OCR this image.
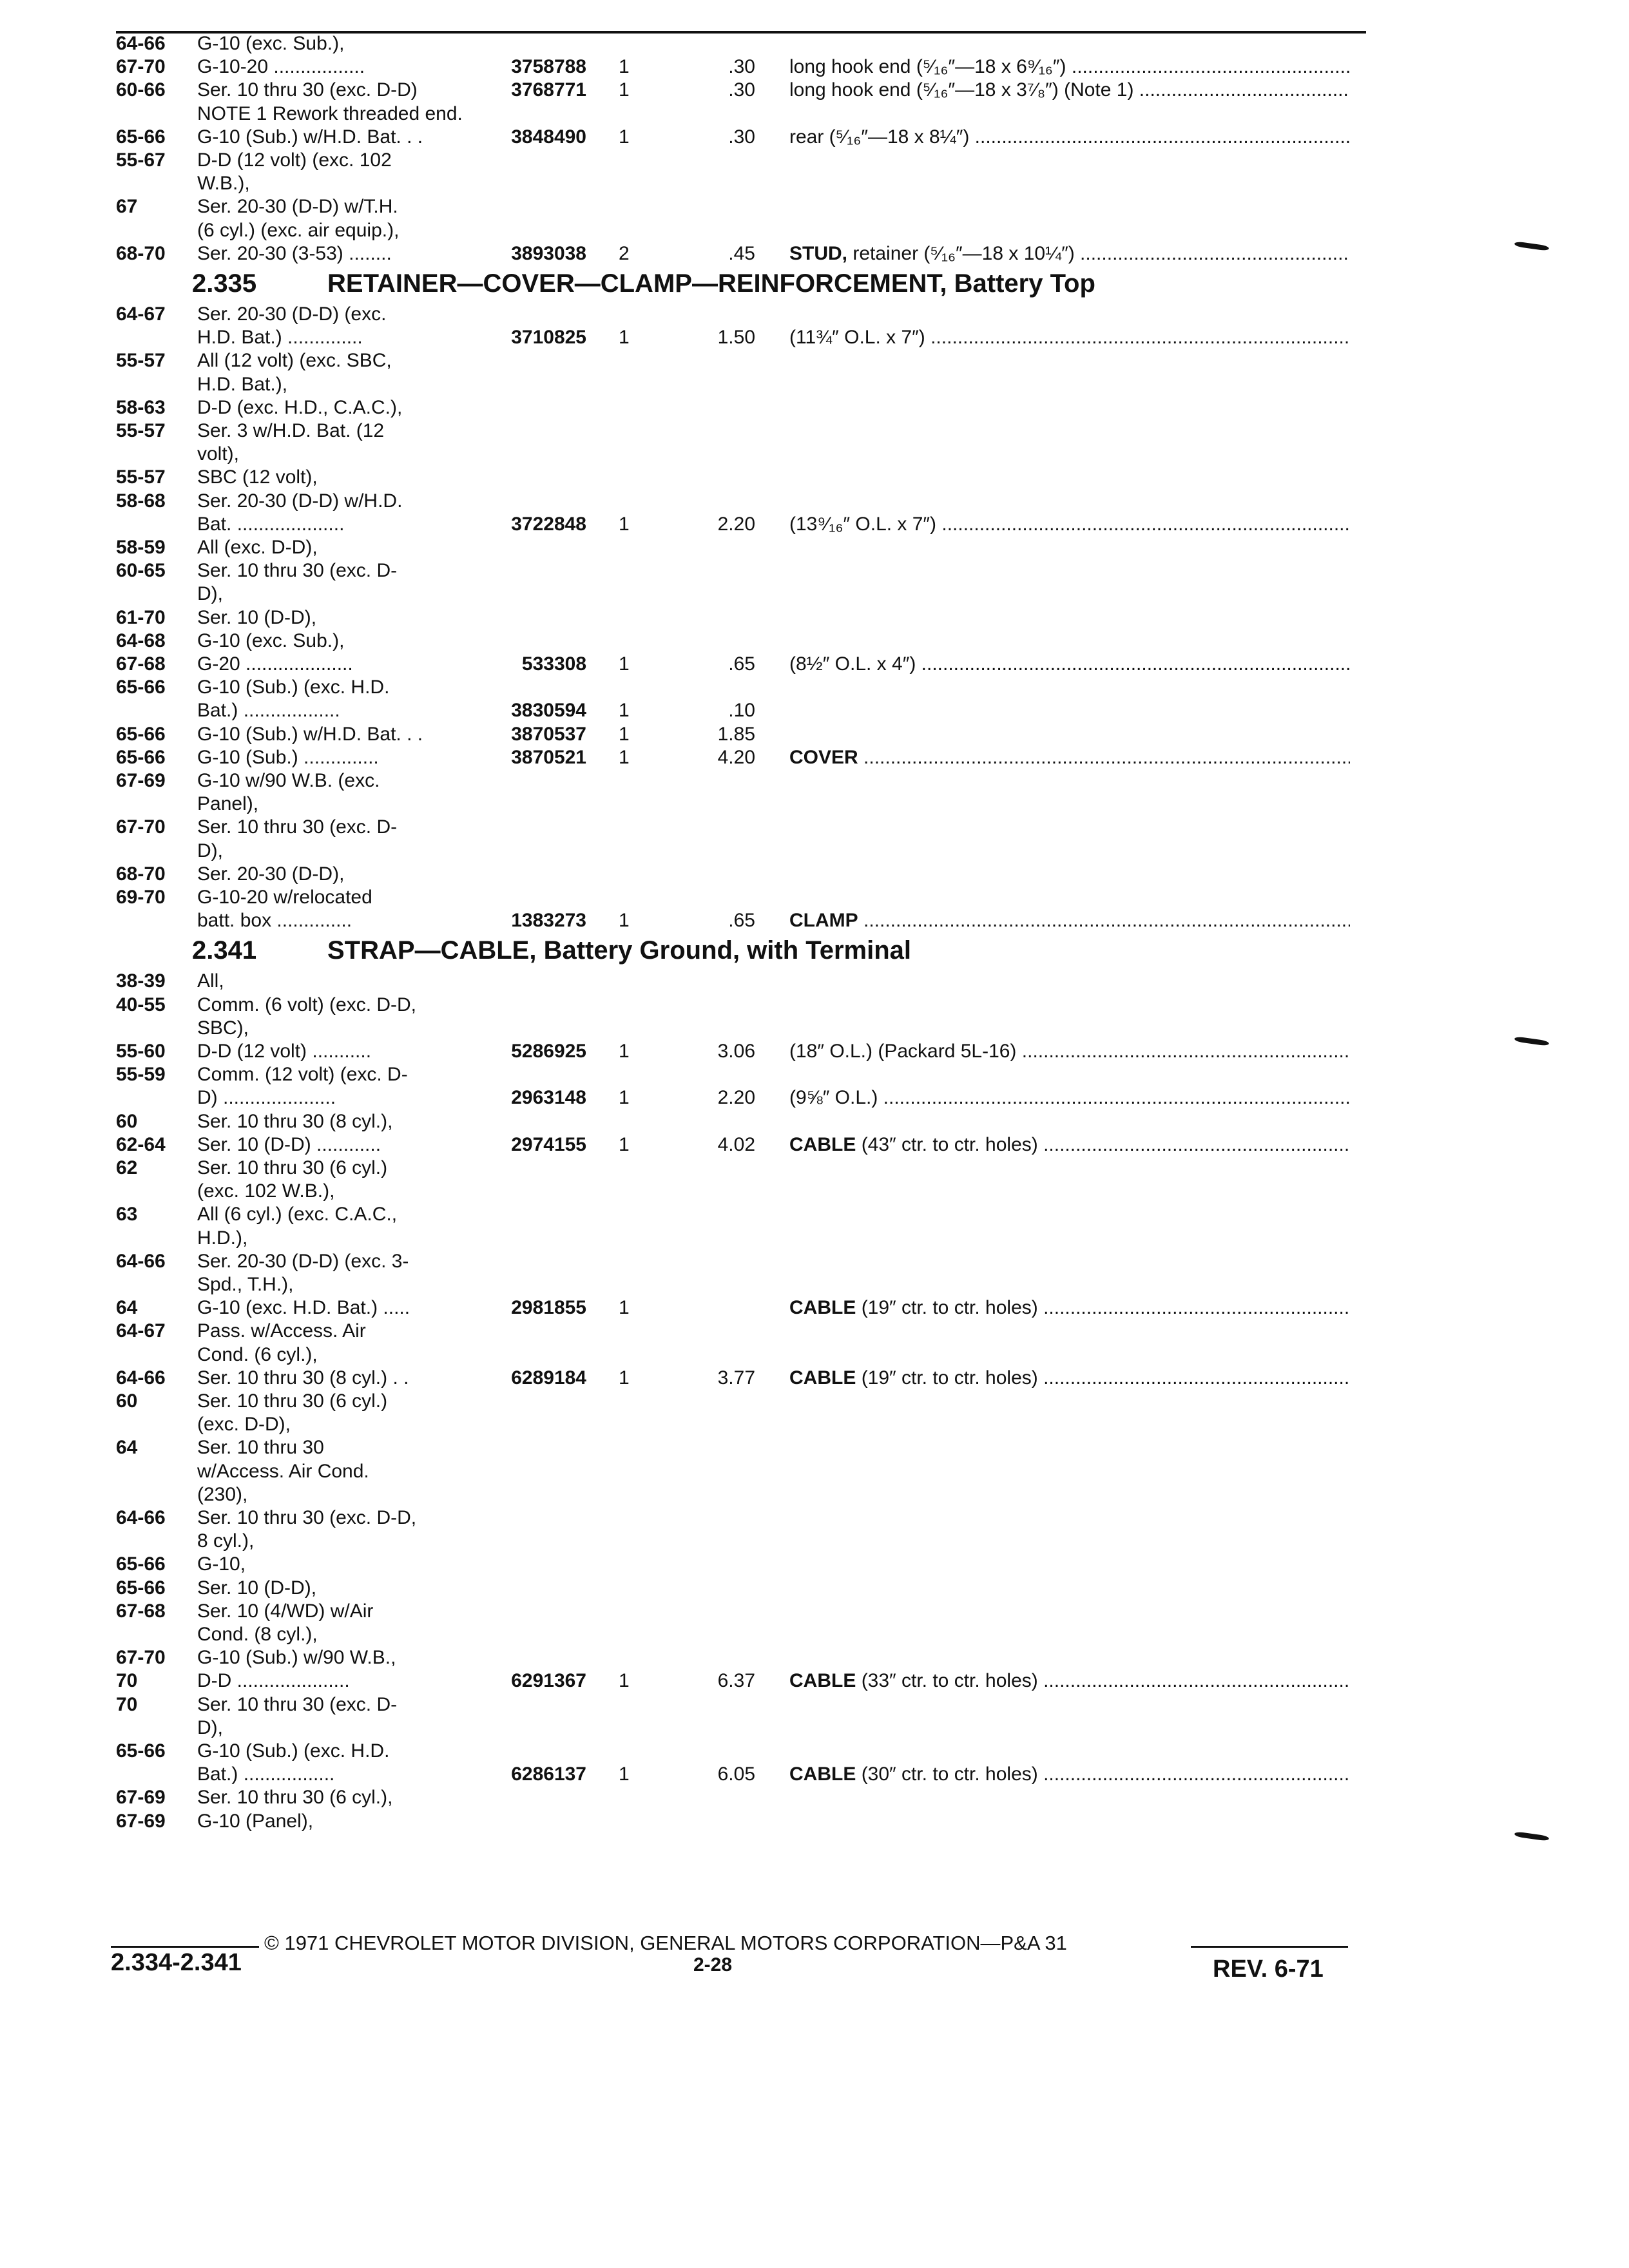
64-66 G-10 (exc. Sub.),
67-70 G-10-20 .................	3758788 1	.30 long hook end (⁵⁄₁₆″—18 x 6⁹⁄₁₆″) .....
60-66 Ser. 10 thru 30 (exc. D-D)	3768771 1	.30 long hook end (⁵⁄₁₆″—18 x 3⁷⁄₈″) (Note 1) .....
NOTE 1 Rework threaded end.
65-66 G-10 (Sub.) w/H.D. Bat. . .	3848490 1	.30 rear (⁵⁄₁₆″—18 x 8¼″) .....
55-67 D-D (12 volt) (exc. 102
W.B.),
67	Ser. 20-30 (D-D) w/T.H.
(6 cyl.) (exc. air equip.),
68-70 Ser. 20-30 (3-53) ........	3893038 2	.45 STUD, retainer (⁵⁄₁₆″—18 x 10¼″) .....
2.335	RETAINER—COVER—CLAMP—REINFORCEMENT, Battery Top
64-67 Ser. 20-30 (D-D) (exc.
H.D. Bat.) ..............	3710825 1	1.50 (11¾″ O.L. x 7″) .....
55-57 All (12 volt) (exc. SBC,
H.D. Bat.),
58-63 D-D (exc. H.D., C.A.C.),
55-57 Ser. 3 w/H.D. Bat. (12
volt),
55-57 SBC (12 volt),
58-68 Ser. 20-30 (D-D) w/H.D.
Bat. ....................	3722848 1	2.20 (13⁹⁄₁₆″ O.L. x 7″) .....
58-59 All (exc. D-D),
60-65 Ser. 10 thru 30 (exc. D-
D),
61-70 Ser. 10 (D-D),
64-68 G-10 (exc. Sub.),
67-68 G-20 ....................	533308 1	.65 (8½″ O.L. x 4″) .....
65-66 G-10 (Sub.) (exc. H.D.
Bat.) ..................	3830594 1	.10
65-66 G-10 (Sub.) w/H.D. Bat. . .	3870537 1	1.85
65-66 G-10 (Sub.) ..............	3870521 1	4.20 COVER .....
67-69 G-10 w/90 W.B. (exc.
Panel),
67-70 Ser. 10 thru 30 (exc. D-
D),
68-70 Ser. 20-30 (D-D),
69-70 G-10-20 w/relocated
batt. box ..............	1383273 1	.65 CLAMP .....
2.341	STRAP—CABLE, Battery Ground, with Terminal
38-39 All,
40-55 Comm. (6 volt) (exc. D-D,
SBC),
55-60 D-D (12 volt) ...........	5286925 1	3.06 (18″ O.L.) (Packard 5L-16) .....
55-59 Comm. (12 volt) (exc. D-
D) .....................	2963148 1	2.20 (9⅝″ O.L.) .....
60	Ser. 10 thru 30 (8 cyl.),
62-64 Ser. 10 (D-D) ............	2974155 1	4.02 CABLE (43″ ctr. to ctr. holes) .....
62	Ser. 10 thru 30 (6 cyl.)
(exc. 102 W.B.),
63	All (6 cyl.) (exc. C.A.C.,
H.D.),
64-66 Ser. 20-30 (D-D) (exc. 3-
Spd., T.H.),
64	G-10 (exc. H.D. Bat.) .....	2981855 1	CABLE (19″ ctr. to ctr. holes) .....
64-67 Pass. w/Access. Air
Cond. (6 cyl.),
64-66 Ser. 10 thru 30 (8 cyl.) . .	6289184 1	3.77 CABLE (19″ ctr. to ctr. holes) .....
60	Ser. 10 thru 30 (6 cyl.)
(exc. D-D),
64	Ser. 10 thru 30
w/Access. Air Cond.
(230),
64-66 Ser. 10 thru 30 (exc. D-D,
8 cyl.),
65-66 G-10,
65-66 Ser. 10 (D-D),
67-68 Ser. 10 (4/WD) w/Air
Cond. (8 cyl.),
67-70 G-10 (Sub.) w/90 W.B.,
70	D-D .....................	6291367 1	6.37 CABLE (33″ ctr. to ctr. holes) .....
70	Ser. 10 thru 30 (exc. D-
D),
65-66 G-10 (Sub.) (exc. H.D.
Bat.) .................	6286137 1	6.05 CABLE (30″ ctr. to ctr. holes) .....
67-69 Ser. 10 thru 30 (6 cyl.),
67-69 G-10 (Panel),
© 1971 CHEVROLET MOTOR DIVISION, GENERAL MOTORS CORPORATION—P&A 31
2.334-2.341	2-28	REV. 6-71
